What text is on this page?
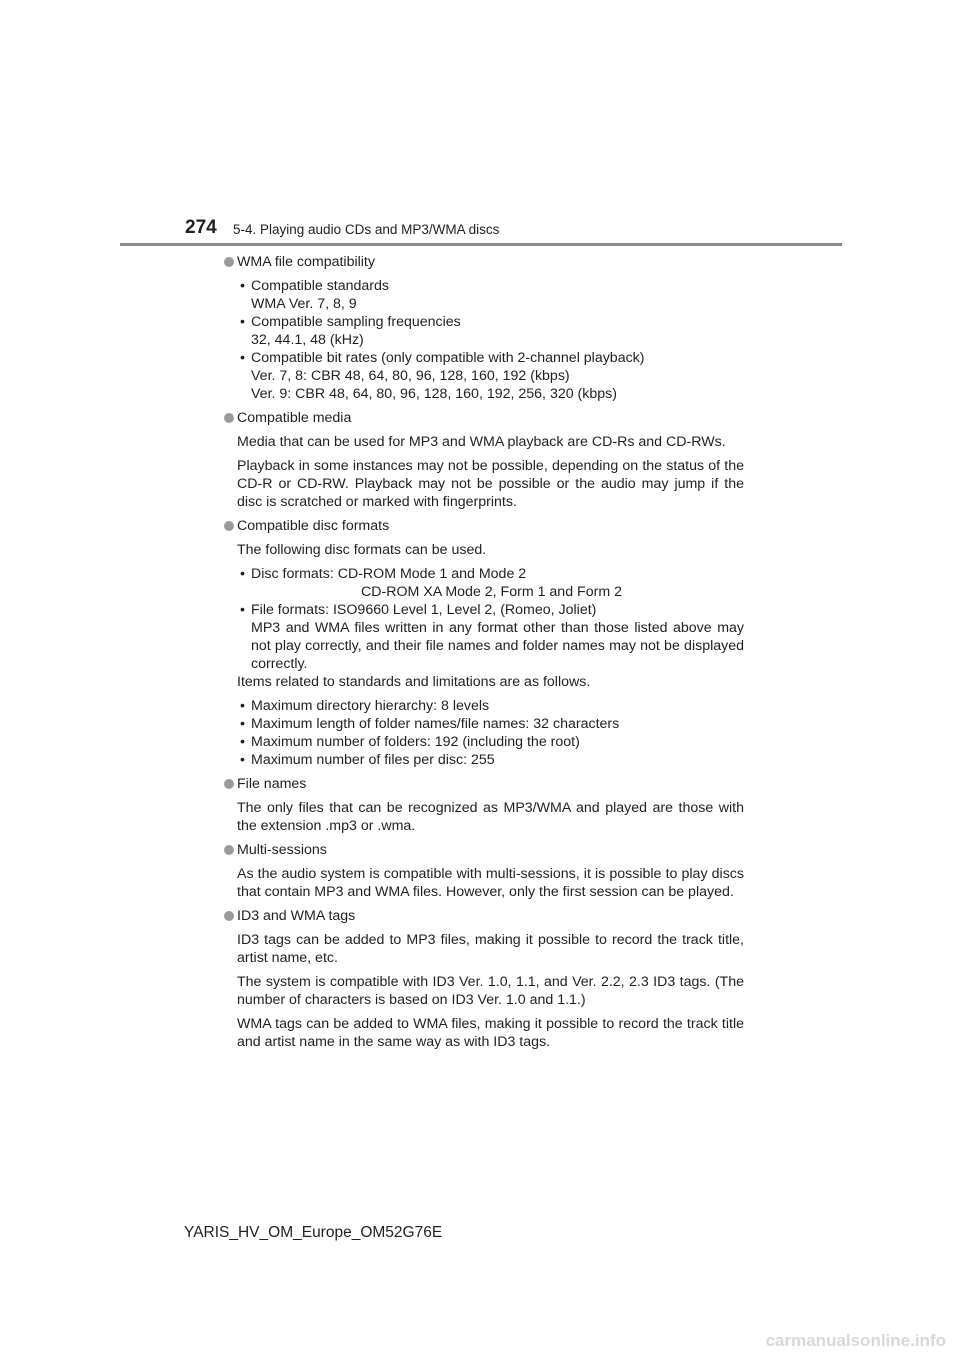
274 5-4. Playing audio CDs and MP3/WMA discs
WMA file compatibility
• Compatible standards
WMA Ver. 7, 8, 9
• Compatible sampling frequencies
32, 44.1, 48 (kHz)
• Compatible bit rates (only compatible with 2-channel playback)
Ver. 7, 8: CBR 48, 64, 80, 96, 128, 160, 192 (kbps)
Ver. 9: CBR 48, 64, 80, 96, 128, 160, 192, 256, 320 (kbps)
Compatible media
Media that can be used for MP3 and WMA playback are CD-Rs and CD-RWs.
Playback in some instances may not be possible, depending on the status of the CD-R or CD-RW. Playback may not be possible or the audio may jump if the disc is scratched or marked with fingerprints.
Compatible disc formats
The following disc formats can be used.
• Disc formats: CD-ROM Mode 1 and Mode 2
CD-ROM XA Mode 2, Form 1 and Form 2
• File formats: ISO9660 Level 1, Level 2, (Romeo, Joliet)
MP3 and WMA files written in any format other than those listed above may not play correctly, and their file names and folder names may not be displayed correctly.
Items related to standards and limitations are as follows.
• Maximum directory hierarchy: 8 levels
• Maximum length of folder names/file names: 32 characters
• Maximum number of folders: 192 (including the root)
• Maximum number of files per disc: 255
File names
The only files that can be recognized as MP3/WMA and played are those with the extension .mp3 or .wma.
Multi-sessions
As the audio system is compatible with multi-sessions, it is possible to play discs that contain MP3 and WMA files. However, only the first session can be played.
ID3 and WMA tags
ID3 tags can be added to MP3 files, making it possible to record the track title, artist name, etc.
The system is compatible with ID3 Ver. 1.0, 1.1, and Ver. 2.2, 2.3 ID3 tags. (The number of characters is based on ID3 Ver. 1.0 and 1.1.)
WMA tags can be added to WMA files, making it possible to record the track title and artist name in the same way as with ID3 tags.
YARIS_HV_OM_Europe_OM52G76E
carmanualsonline.info
